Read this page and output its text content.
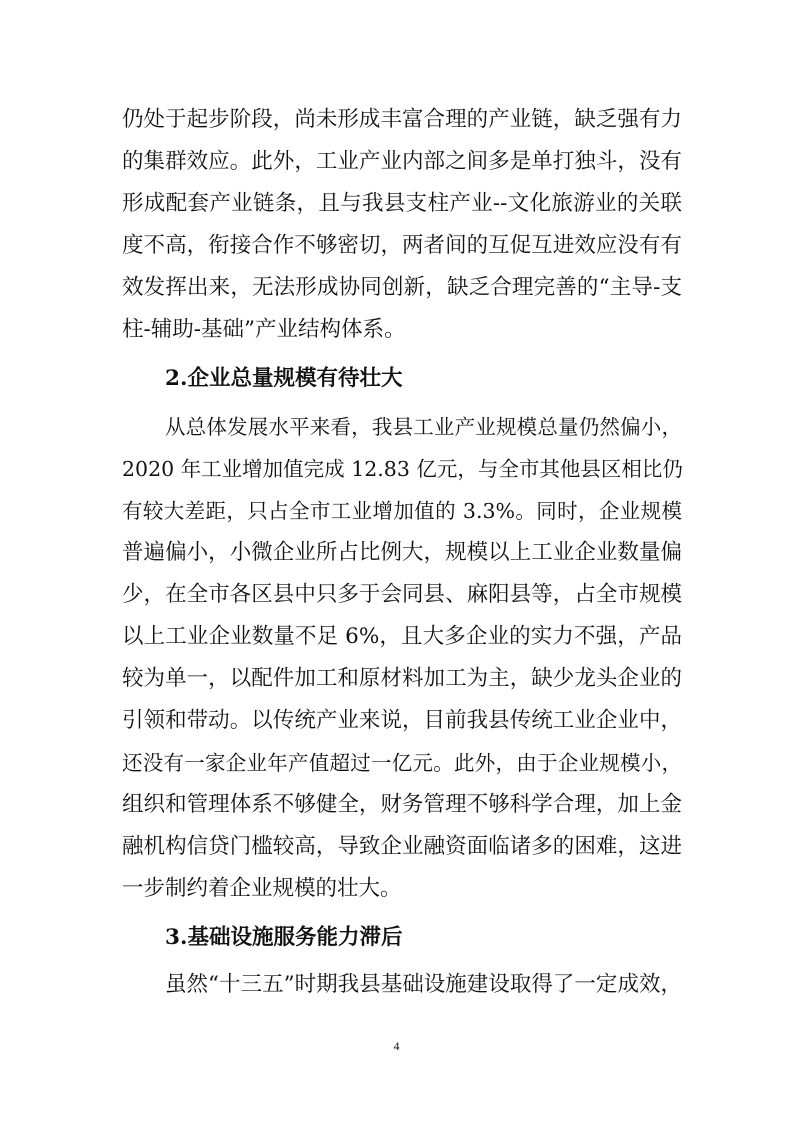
仍处于起步阶段，尚未形成丰富合理的产业链，缺乏强有力
的集群效应。此外，工业产业内部之间多是单打独斗，没有
形成配套产业链条，且与我县支柱产业--文化旅游业的关联
度不高，衔接合作不够密切，两者间的互促互进效应没有有
效发挥出来，无法形成协同创新，缺乏合理完善的“主导-支
柱-辅助-基础”产业结构体系。
2.企业总量规模有待壮大
从总体发展水平来看，我县工业产业规模总量仍然偏小，
2020 年工业增加值完成 12.83 亿元，与全市其他县区相比仍
有较大差距，只占全市工业增加值的 3.3%。同时，企业规模
普遍偏小，小微企业所占比例大，规模以上工业企业数量偏
少，在全市各区县中只多于会同县、麻阳县等，占全市规模
以上工业企业数量不足 6%，且大多企业的实力不强，产品
较为单一，以配件加工和原材料加工为主，缺少龙头企业的
引领和带动。以传统产业来说，目前我县传统工业企业中，
还没有一家企业年产值超过一亿元。此外，由于企业规模小，
组织和管理体系不够健全，财务管理不够科学合理，加上金
融机构信贷门槛较高，导致企业融资面临诸多的困难，这进
一步制约着企业规模的壮大。
3.基础设施服务能力滞后
虽然“十三五”时期我县基础设施建设取得了一定成效，
4
